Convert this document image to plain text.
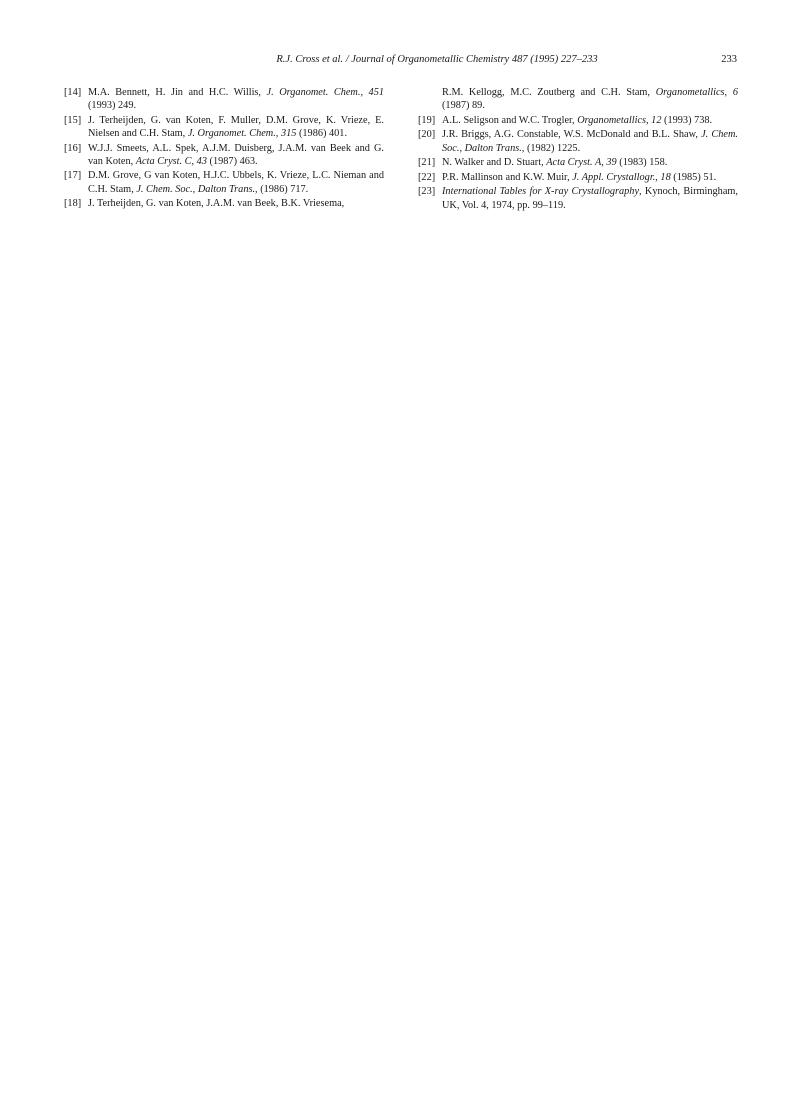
R.J. Cross et al. / Journal of Organometallic Chemistry 487 (1995) 227–233	233
[14] M.A. Bennett, H. Jin and H.C. Willis, J. Organomet. Chem., 451 (1993) 249.
[15] J. Terheijden, G. van Koten, F. Muller, D.M. Grove, K. Vrieze, E. Nielsen and C.H. Stam, J. Organomet. Chem., 315 (1986) 401.
[16] W.J.J. Smeets, A.L. Spek, A.J.M. Duisberg, J.A.M. van Beek and G. van Koten, Acta Cryst. C, 43 (1987) 463.
[17] D.M. Grove, G van Koten, H.J.C. Ubbels, K. Vrieze, L.C. Nieman and C.H. Stam, J. Chem. Soc., Dalton Trans., (1986) 717.
[18] J. Terheijden, G. van Koten, J.A.M. van Beek, B.K. Vriesema,
R.M. Kellogg, M.C. Zoutberg and C.H. Stam, Organometallics, 6 (1987) 89.
[19] A.L. Seligson and W.C. Trogler, Organometallics, 12 (1993) 738.
[20] J.R. Briggs, A.G. Constable, W.S. McDonald and B.L. Shaw, J. Chem. Soc., Dalton Trans., (1982) 1225.
[21] N. Walker and D. Stuart, Acta Cryst. A, 39 (1983) 158.
[22] P.R. Mallinson and K.W. Muir, J. Appl. Crystallogr., 18 (1985) 51.
[23] International Tables for X-ray Crystallography, Kynoch, Birmingham, UK, Vol. 4, 1974, pp. 99–119.
